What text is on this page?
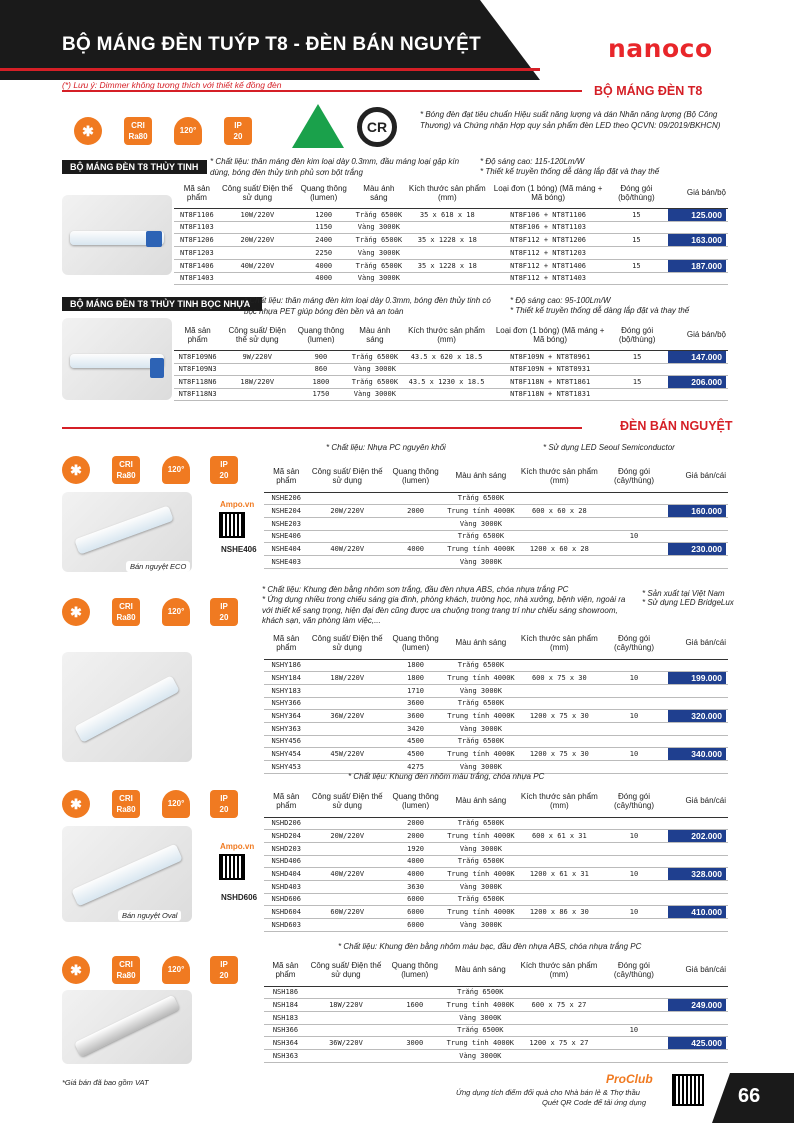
BỘ MÁNG ĐÈN TUÝP T8 - ĐÈN BÁN NGUYỆT	nanoco
(*) Lưu ý: Dimmer không tương thích với thiết kế đồng đèn	BỘ MÁNG ĐÈN T8
✱	CRI
Ra80
120°
IP
20
CR
* Bóng đèn đạt tiêu chuẩn Hiệu suất năng lượng và dán Nhãn năng lượng (Bộ Công Thương) và Chứng nhận Hợp quy sản phẩm đèn LED theo QCVN: 09/2019/BKHCN)
BỘ MÁNG ĐÈN T8 THỦY TINH
* Chất liệu: thân máng đèn kim loại dày 0.3mm, đầu máng loại gập kín dùng, bóng đèn thủy tinh phủ sơn bột trắng
* Độ sáng cao: 115-120Lm/W
* Thiết kế truyền thống dễ dàng lắp đặt và thay thế
Mã sản phẩm	Công suất/ Điện thế sử dụng	Quang thông (lumen)	Màu ánh sáng	Kích thước sản phẩm (mm)	Loại đơn (1 bóng) (Mã máng + Mã bóng)	Đóng gói (bộ/thùng)	Giá bán/bộ
NT8F1106	10W/220V	1200	Trắng 6500K	35 x 618 x 18	NT8F106 + NT8T1106	15	125.000
NT8F1103		1150	Vàng 3000K		NT8F106 + NT8T1103		
NT8F1206	20W/220V	2400	Trắng 6500K	35 x 1228 x 18	NT8F112 + NT8T1206	15	163.000
NT8F1203		2250	Vàng 3000K		NT8F112 + NT8T1203		
NT8F1406	40W/220V	4000	Trắng 6500K	35 x 1228 x 18	NT8F112 + NT8T1406	15	187.000
NT8F1403		4000	Vàng 3000K		NT8F112 + NT8T1403		
BỘ MÁNG ĐÈN T8 THỦY TINH BỌC NHỰA
* Chất liệu: thân máng đèn kim loại dày 0.3mm, bóng đèn thủy tinh có bọc nhựa PET giúp bóng đèn bền và an toàn
* Độ sáng cao: 95-100Lm/W
* Thiết kế truyền thống dễ dàng lắp đặt và thay thế
Mã sản phẩm	Công suất/ Điện thế sử dụng	Quang thông (lumen)	Màu ánh sáng	Kích thước sản phẩm (mm)	Loại đơn (1 bóng) (Mã máng + Mã bóng)	Đóng gói (bộ/thùng)	Giá bán/bộ
NT8F109N6	9W/220V	900	Trắng 6500K	43.5 x 620 x 18.5	NT8F109N + NT8T0961	15	147.000
NT8F109N3		860	Vàng 3000K		NT8F109N + NT8T0931		
NT8F118N6	18W/220V	1800	Trắng 6500K	43.5 x 1230 x 18.5	NT8F118N + NT8T1861	15	206.000
NT8F118N3		1750	Vàng 3000K		NT8F118N + NT8T1831		
ĐÈN BÁN NGUYỆT
✱	CRI
Ra80
120°
IP
20
* Chất liệu: Nhựa PC nguyên khối	* Sử dụng LED Seoul Semiconductor
Bán nguyệt ECO
Ampo.vn
NSHE406
Mã sản phẩm	Công suất/ Điện thế sử dụng	Quang thông (lumen)	Màu ánh sáng	Kích thước sản phẩm (mm)	Đóng gói (cây/thùng)	Giá bán/cái
NSHE206			Trắng 6500K			
NSHE204	20W/220V	2000	Trung tính 4000K	600 x 60 x 28		160.000
NSHE203			Vàng 3000K			
NSHE406			Trắng 6500K		10	
NSHE404	40W/220V	4000	Trung tính 4000K	1200 x 60 x 28		230.000
NSHE403			Vàng 3000K			
✱	CRI
Ra80
120°
IP
20
* Chất liệu: Khung đèn bằng nhôm sơn trắng, đầu đèn nhựa ABS, chóa nhựa trắng PC
* Ứng dụng nhiều trong chiếu sáng gia đình, phòng khách, trường học, nhà xưởng, bệnh viện, ngoài ra với thiết kế sang trọng, hiện đại đèn cũng được ưa chuộng trong trang trí như chiếu sáng showroom, khách sạn, văn phòng làm việc,...
* Sản xuất tại Việt Nam
* Sử dụng LED BridgeLux
Mã sản phẩm	Công suất/ Điện thế sử dụng	Quang thông (lumen)	Màu ánh sáng	Kích thước sản phẩm (mm)	Đóng gói (cây/thùng)	Giá bán/cái
NSHY186		1800	Trắng 6500K			
NSHY184	18W/220V	1800	Trung tính 4000K	600 x 75 x 30	10	199.000
NSHY183		1710	Vàng 3000K			
NSHY366		3600	Trắng 6500K			
NSHY364	36W/220V	3600	Trung tính 4000K	1200 x 75 x 30	10	320.000
NSHY363		3420	Vàng 3000K			
NSHY456		4500	Trắng 6500K			
NSHY454	45W/220V	4500	Trung tính 4000K	1200 x 75 x 30	10	340.000
NSHY453		4275	Vàng 3000K			
✱	CRI
Ra80
120°
IP
20
* Chất liệu: Khung đèn nhôm màu trắng, chóa nhựa PC
Bán nguyệt Oval
Ampo.vn
NSHD606
Mã sản phẩm	Công suất/ Điện thế sử dụng	Quang thông (lumen)	Màu ánh sáng	Kích thước sản phẩm (mm)	Đóng gói (cây/thùng)	Giá bán/cái
NSHD206		2000	Trắng 6500K			
NSHD204	20W/220V	2000	Trung tính 4000K	600 x 61 x 31	10	202.000
NSHD203		1920	Vàng 3000K			
NSHD406		4000	Trắng 6500K			
NSHD404	40W/220V	4000	Trung tính 4000K	1200 x 61 x 31	10	328.000
NSHD403		3630	Vàng 3000K			
NSHD606		6000	Trắng 6500K			
NSHD604	60W/220V	6000	Trung tính 4000K	1200 x 86 x 30	10	410.000
NSHD603		6000	Vàng 3000K			
✱	CRI
Ra80
120°
IP
20
* Chất liệu: Khung đèn bằng nhôm màu bạc, đầu đèn nhựa ABS, chóa nhựa trắng PC
Mã sản phẩm	Công suất/ Điện thế sử dụng	Quang thông (lumen)	Màu ánh sáng	Kích thước sản phẩm (mm)	Đóng gói (cây/thùng)	Giá bán/cái
NSH186			Trắng 6500K			
NSH184	18W/220V	1600	Trung tính 4000K	600 x 75 x 27		249.000
NSH183			Vàng 3000K			
NSH366			Trắng 6500K		10	
NSH364	36W/220V	3000	Trung tính 4000K	1200 x 75 x 27		425.000
NSH363			Vàng 3000K			
*Giá bán đã bao gồm VAT	ProClub
Ứng dụng tích điểm đổi quà cho Nhà bán lẻ & Thợ thầu
Quét QR Code để tải ứng dụng	66
